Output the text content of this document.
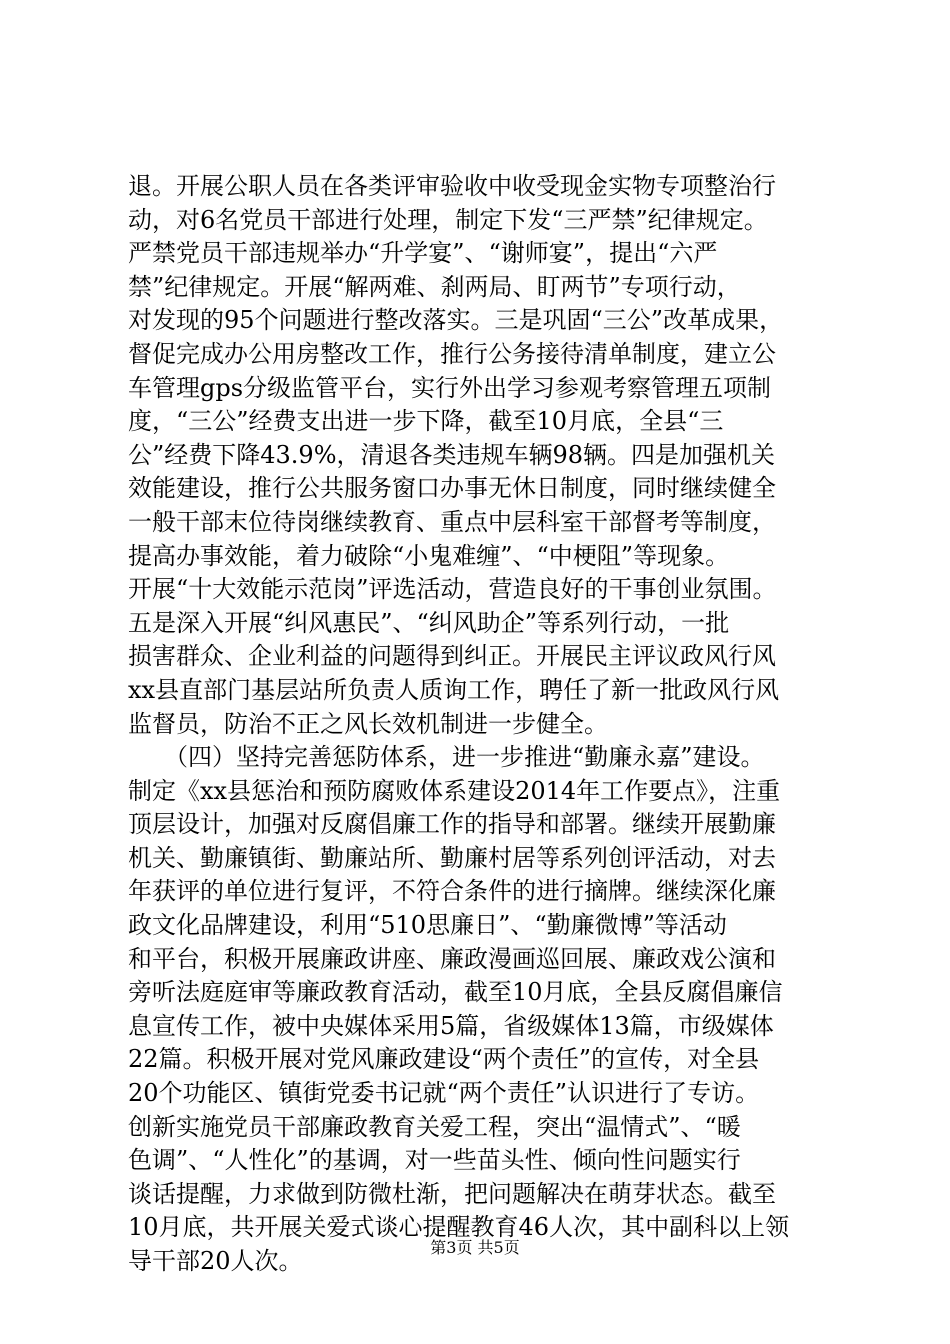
退。开展公职人员在各类评审验收中收受现金实物专项整治行
动，对6名党员干部进行处理，制定下发“三严禁”纪律规定。
严禁党员干部违规举办“升学宴”、“谢师宴”，提出“六严
禁”纪律规定。开展“解两难、刹两局、盯两节”专项行动，
对发现的95个问题进行整改落实。三是巩固“三公”改革成果，
督促完成办公用房整改工作，推行公务接待清单制度，建立公
车管理gps分级监管平台，实行外出学习参观考察管理五项制
度，“三公”经费支出进一步下降，截至10月底，全县“三
公”经费下降43.9%，清退各类违规车辆98辆。四是加强机关
效能建设，推行公共服务窗口办事无休日制度，同时继续健全
一般干部末位待岗继续教育、重点中层科室干部督考等制度，
提高办事效能，着力破除“小鬼难缠”、“中梗阻”等现象。
开展“十大效能示范岗”评选活动，营造良好的干事创业氛围。
五是深入开展“纠风惠民”、“纠风助企”等系列行动，一批
损害群众、企业利益的问题得到纠正。开展民主评议政风行风
xx县直部门基层站所负责人质询工作，聘任了新一批政风行风
监督员，防治不正之风长效机制进一步健全。
　　（四）坚持完善惩防体系，进一步推进“勤廉永嘉”建设。
制定《xx县惩治和预防腐败体系建设2014年工作要点》，注重
顶层设计，加强对反腐倡廉工作的指导和部署。继续开展勤廉
机关、勤廉镇街、勤廉站所、勤廉村居等系列创评活动，对去
年获评的单位进行复评，不符合条件的进行摘牌。继续深化廉
政文化品牌建设，利用“510思廉日”、“勤廉微博”等活动
和平台，积极开展廉政讲座、廉政漫画巡回展、廉政戏公演和
旁听法庭庭审等廉政教育活动，截至10月底，全县反腐倡廉信
息宣传工作，被中央媒体采用5篇，省级媒体13篇，市级媒体
22篇。积极开展对党风廉政建设“两个责任”的宣传，对全县
20个功能区、镇街党委书记就“两个责任”认识进行了专访。
创新实施党员干部廉政教育关爱工程，突出“温情式”、“暖
色调”、“人性化”的基调，对一些苗头性、倾向性问题实行
谈话提醒，力求做到防微杜渐，把问题解决在萌芽状态。截至
10月底，共开展关爱式谈心提醒教育46人次，其中副科以上领
导干部20人次。	第3页 共5页
